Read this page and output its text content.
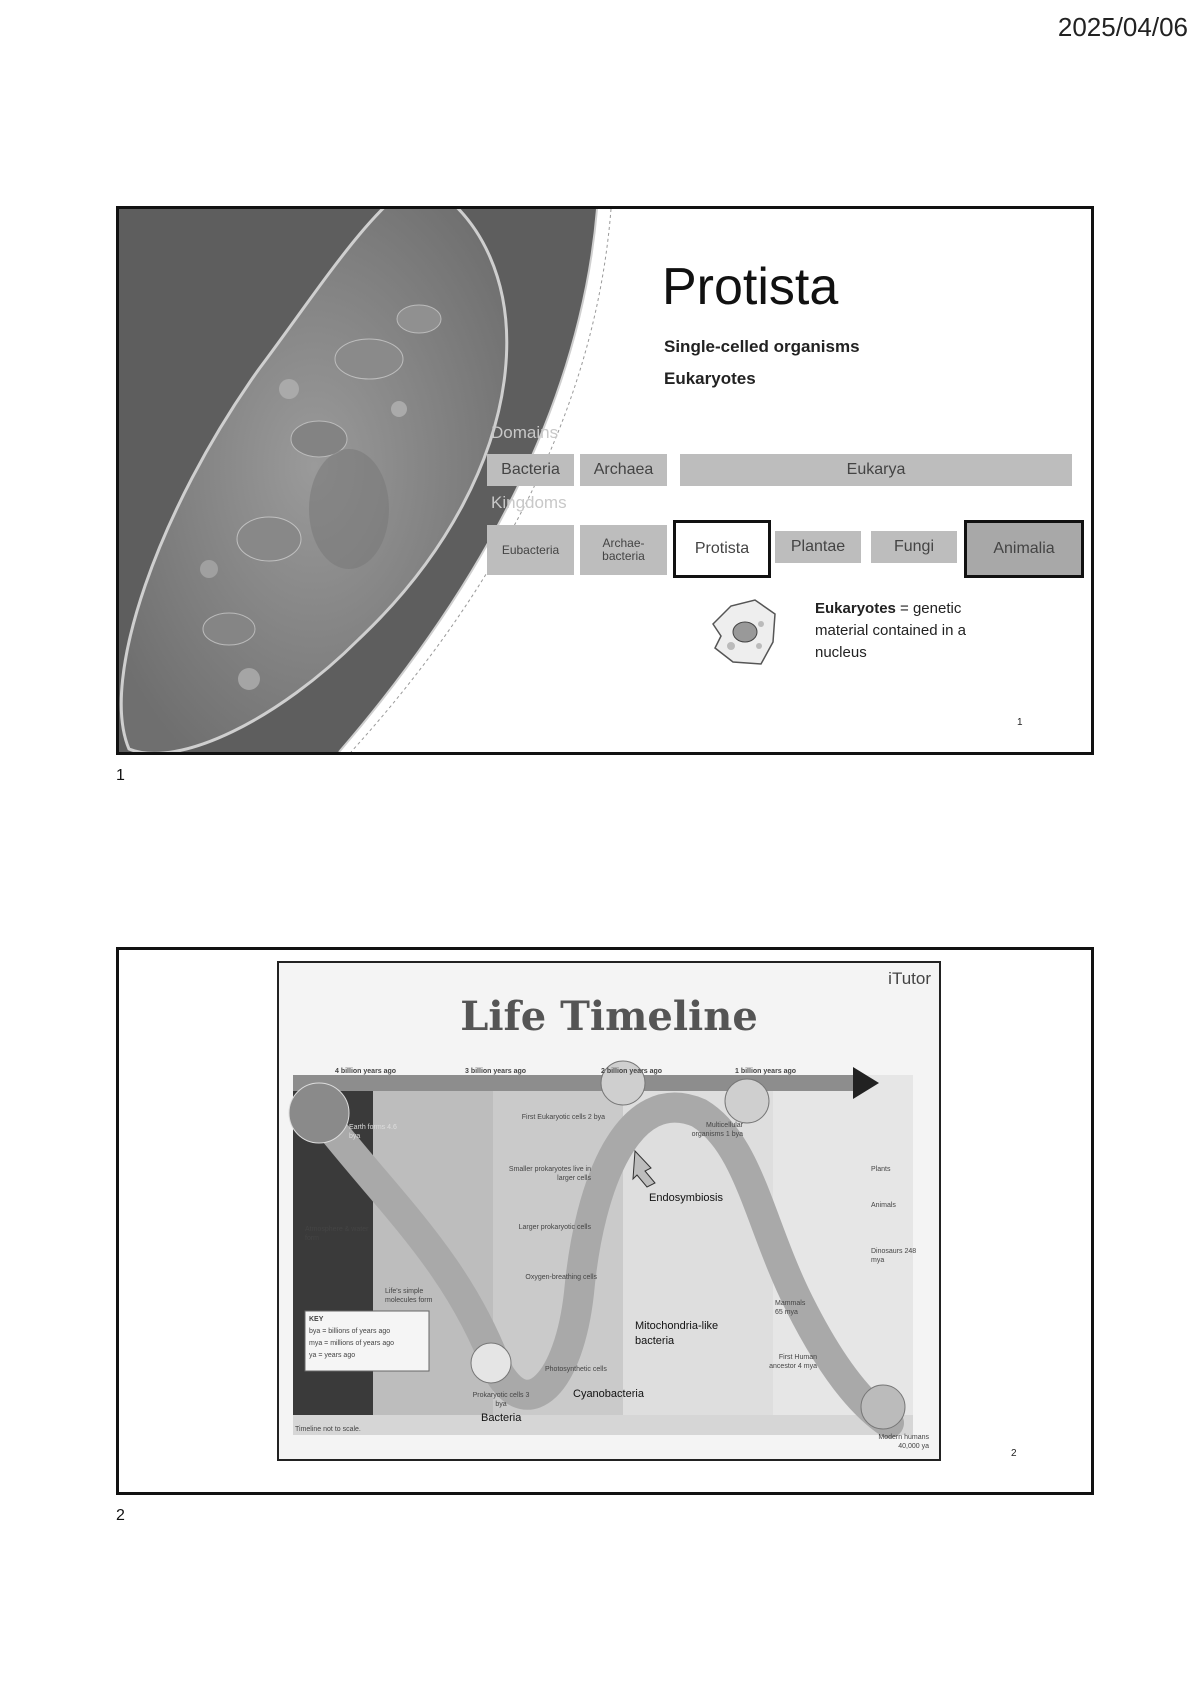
2025/04/06
Protista
Single-celled organisms
Eukaryotes
Domains
Bacteria	Archaea	Eukarya
Kingdoms
Eubacteria	Archae-
bacteria	Protista	Plantae	Fungi	Animalia
Eukaryotes = genetic material contained in a nucleus
1
1
iTutor
Life Timeline
4 billion years ago	3 billion years ago	2 billion years ago	1 billion years ago
Earth forms 4.6 bya
Atmosphere & water form
Life's simple molecules form
First Eukaryotic cells 2 bya
Smaller prokaryotes live in larger cells
Larger prokaryotic cells
Oxygen-breathing cells
Photosynthetic cells
Prokaryotic cells 3 bya
Multicellular organisms 1 bya
Plants
Animals
Dinosaurs 248 mya
Mammals 65 mya
First Human ancestor 4 mya
Modern humans 40,000 ya
KEY
bya = billions of years ago
mya = millions of years ago
ya = years ago
Timeline not to scale.
Endosymbiosis
Mitochondria-like bacteria
Cyanobacteria
Bacteria
2
2
